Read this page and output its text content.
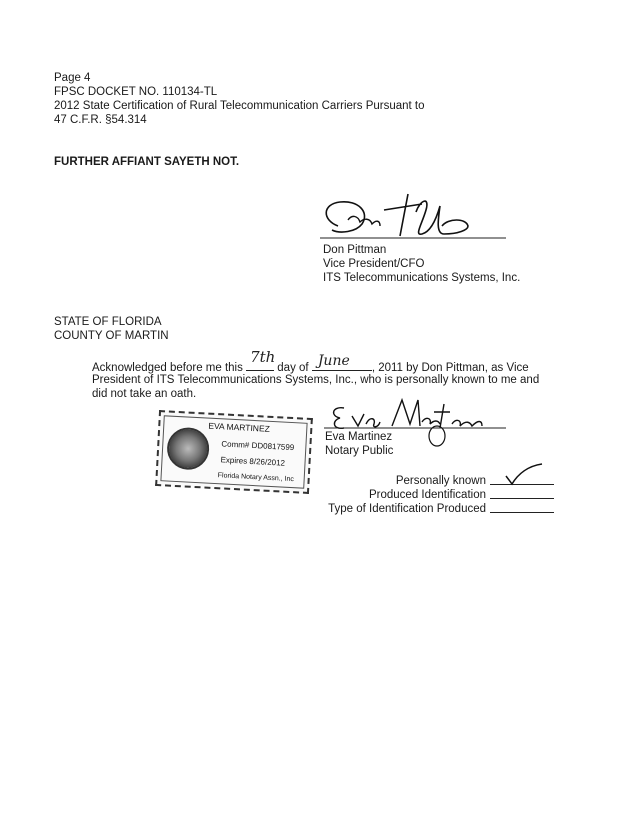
Page 4
FPSC DOCKET NO. 110134-TL
2012 State Certification of Rural Telecommunication Carriers Pursuant to
47 C.F.R. §54.314
FURTHER AFFIANT SAYETH NOT.
Don Pittman
Vice President/CFO
ITS Telecommunications Systems, Inc.
STATE OF FLORIDA
COUNTY OF MARTIN
Acknowledged before me this
7th
day of June , 2011 by Don Pittman, as Vice
President of ITS Telecommunications Systems, Inc., who is personally known to me and
did not take an oath.
EVA MARTINEZ
Comm# DD0817599
Expires 8/26/2012
Florida Notary Assn., Inc
Eva Martinez
Notary Public
Personally known
Produced Identification
Type of Identification Produced
